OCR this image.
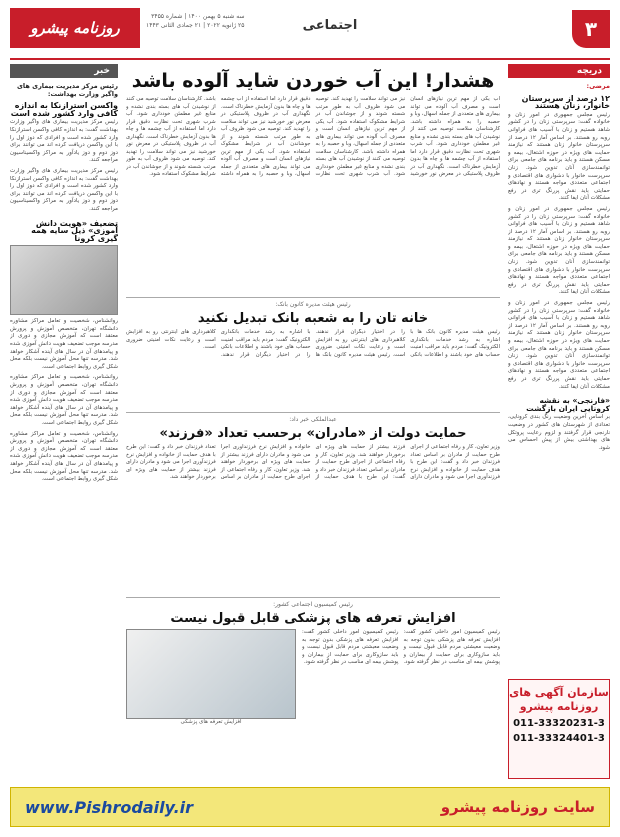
۳
اجتماعی
روزنامه پیشرو
سه شنبه ۵ بهمن ۱۴۰۰ | شماره ۳۴۵۵
۲۵ ژانویه ۲۰۲۲ | ۲۱ جمادی الثانی ۱۴۴۳
دریچه
خبر
مرضی:
۱۲ درصد از سرپرستان خانوار، زنان هستند
رئیس مجلس جمهوری در امور زنان و خانواده گفت: سرپرستی زنان را در کشور شاهد هستیم و زنان با آسیب های فراوانی روبه رو هستند. بر اساس آمار ۱۲ درصد از سرپرستان خانوار زنان هستند که نیازمند حمایت های ویژه در حوزه اشتغال، بیمه و مسکن هستند و باید برنامه های جامعی برای توانمندسازی آنان تدوین شود. زنان سرپرست خانوار با دشواری های اقتصادی و اجتماعی متعددی مواجه هستند و نهادهای حمایتی باید نقش پررنگ تری در رفع مشکلات آنان ایفا کنند.
رئیس مجلس جمهوری در امور زنان و خانواده گفت: سرپرستی زنان را در کشور شاهد هستیم و زنان با آسیب های فراوانی روبه رو هستند. بر اساس آمار ۱۲ درصد از سرپرستان خانوار زنان هستند که نیازمند حمایت های ویژه در حوزه اشتغال، بیمه و مسکن هستند و باید برنامه های جامعی برای توانمندسازی آنان تدوین شود. زنان سرپرست خانوار با دشواری های اقتصادی و اجتماعی متعددی مواجه هستند و نهادهای حمایتی باید نقش پررنگ تری در رفع مشکلات آنان ایفا کنند.
رئیس مجلس جمهوری در امور زنان و خانواده گفت: سرپرستی زنان را در کشور شاهد هستیم و زنان با آسیب های فراوانی روبه رو هستند. بر اساس آمار ۱۲ درصد از سرپرستان خانوار زنان هستند که نیازمند حمایت های ویژه در حوزه اشتغال، بیمه و مسکن هستند و باید برنامه های جامعی برای توانمندسازی آنان تدوین شود. زنان سرپرست خانوار با دشواری های اقتصادی و اجتماعی متعددی مواجه هستند و نهادهای حمایتی باید نقش پررنگ تری در رفع مشکلات آنان ایفا کنند.
«فارنجی» به نقشه کرونایی ایران بازگشت
بر اساس آخرین وضعیت رنگ بندی کرونایی، تعدادی از شهرستان های کشور در وضعیت نارنجی قرار گرفتند و لزوم رعایت پروتکل های بهداشتی بیش از پیش احساس می شود.
سازمان آگهی های روزنامه پیشرو
011-33320231-3
011-33324401-3
رئیس مرکز مدیریت بیماری های واگیر وزارت بهداشت:
واکسن استرازنکا به اندازه کافی وارد کشور شده است
رئیس مرکز مدیریت بیماری های واگیر وزارت بهداشت گفت: به اندازه کافی واکسن استرازنکا وارد کشور شده است و افرادی که دوز اول را با این واکسن دریافت کرده اند می توانند برای دوز دوم و دوز یادآور به مراکز واکسیناسیون مراجعه کنند.
رئیس مرکز مدیریت بیماری های واگیر وزارت بهداشت گفت: به اندازه کافی واکسن استرازنکا وارد کشور شده است و افرادی که دوز اول را با این واکسن دریافت کرده اند می توانند برای دوز دوم و دوز یادآور به مراکز واکسیناسیون مراجعه کنند.
تضعیف «هویت دانش آموزی» ذیل سایه همه گیری کرونا
روانشناس، شخصیت و تعامل مراکز مشاوره دانشگاه تهران، متخصص آموزش و پرورش معتقد است که آموزش مجازی و دوری از مدرسه موجب تضعیف هویت دانش آموزی شده و پیامدهای آن در سال های آینده آشکار خواهد شد. مدرسه تنها محل آموزش نیست بلکه محل شکل گیری روابط اجتماعی است.
روانشناس، شخصیت و تعامل مراکز مشاوره دانشگاه تهران، متخصص آموزش و پرورش معتقد است که آموزش مجازی و دوری از مدرسه موجب تضعیف هویت دانش آموزی شده و پیامدهای آن در سال های آینده آشکار خواهد شد. مدرسه تنها محل آموزش نیست بلکه محل شکل گیری روابط اجتماعی است.
روانشناس، شخصیت و تعامل مراکز مشاوره دانشگاه تهران، متخصص آموزش و پرورش معتقد است که آموزش مجازی و دوری از مدرسه موجب تضعیف هویت دانش آموزی شده و پیامدهای آن در سال های آینده آشکار خواهد شد. مدرسه تنها محل آموزش نیست بلکه محل شکل گیری روابط اجتماعی است.
هشدار! این آب خوردن شاید آلوده باشد
آب یکی از مهم ترین نیازهای انسان است و مصرف آب آلوده می تواند بیماری های متعددی از جمله اسهال، وبا و حصبه را به همراه داشته باشد. کارشناسان سلامت توصیه می کنند از نوشیدن آب های بسته بندی نشده و منابع غیر مطمئن خودداری شود. آب شرب شهری تحت نظارت دقیق قرار دارد اما استفاده از آب چشمه ها و چاه ها بدون آزمایش خطرناک است. نگهداری آب در ظروف پلاستیکی در معرض نور خورشید نیز می تواند سلامت را تهدید کند. توصیه می شود ظروف آب به طور مرتب شسته شوند و از جوشاندن آب در شرایط مشکوک استفاده شود. آب یکی از مهم ترین نیازهای انسان است و مصرف آب آلوده می تواند بیماری های متعددی از جمله اسهال، وبا و حصبه را به همراه داشته باشد. کارشناسان سلامت توصیه می کنند از نوشیدن آب های بسته بندی نشده و منابع غیر مطمئن خودداری شود. آب شرب شهری تحت نظارت دقیق قرار دارد اما استفاده از آب چشمه ها و چاه ها بدون آزمایش خطرناک است. نگهداری آب در ظروف پلاستیکی در معرض نور خورشید نیز می تواند سلامت را تهدید کند. توصیه می شود ظروف آب به طور مرتب شسته شوند و از جوشاندن آب در شرایط مشکوک استفاده شود. آب یکی از مهم ترین نیازهای انسان است و مصرف آب آلوده می تواند بیماری های متعددی از جمله اسهال، وبا و حصبه را به همراه داشته باشد. کارشناسان سلامت توصیه می کنند از نوشیدن آب های بسته بندی نشده و منابع غیر مطمئن خودداری شود. آب شرب شهری تحت نظارت دقیق قرار دارد اما استفاده از آب چشمه ها و چاه ها بدون آزمایش خطرناک است. نگهداری آب در ظروف پلاستیکی در معرض نور خورشید نیز می تواند سلامت را تهدید کند. توصیه می شود ظروف آب به طور مرتب شسته شوند و از جوشاندن آب در شرایط مشکوک استفاده شود.
رئیس هیئت مدیره کانون بانک:
خانه تان را به شعبه بانک تبدیل نکنید
رئیس هیئت مدیره کانون بانک ها با اشاره به رشد خدمات بانکداری الکترونیک گفت: مردم باید مراقب امنیت حساب های خود باشند و اطلاعات بانکی را در اختیار دیگران قرار ندهند. کلاهبرداری های اینترنتی رو به افزایش است و رعایت نکات امنیتی ضروری است. رئیس هیئت مدیره کانون بانک ها با اشاره به رشد خدمات بانکداری الکترونیک گفت: مردم باید مراقب امنیت حساب های خود باشند و اطلاعات بانکی را در اختیار دیگران قرار ندهند. کلاهبرداری های اینترنتی رو به افزایش است و رعایت نکات امنیتی ضروری است.
عبدالملکی خبر داد:
حمایت دولت از «مادران» برحسب تعداد «فرزند»
وزیر تعاون، کار و رفاه اجتماعی از اجرای طرح حمایت از مادران بر اساس تعداد فرزندان خبر داد و گفت: این طرح با هدف حمایت از خانواده و افزایش نرخ فرزندآوری اجرا می شود و مادران دارای فرزند بیشتر از حمایت های ویژه ای برخوردار خواهند شد. وزیر تعاون، کار و رفاه اجتماعی از اجرای طرح حمایت از مادران بر اساس تعداد فرزندان خبر داد و گفت: این طرح با هدف حمایت از خانواده و افزایش نرخ فرزندآوری اجرا می شود و مادران دارای فرزند بیشتر از حمایت های ویژه ای برخوردار خواهند شد. وزیر تعاون، کار و رفاه اجتماعی از اجرای طرح حمایت از مادران بر اساس تعداد فرزندان خبر داد و گفت: این طرح با هدف حمایت از خانواده و افزایش نرخ فرزندآوری اجرا می شود و مادران دارای فرزند بیشتر از حمایت های ویژه ای برخوردار خواهند شد.
رئیس کمیسیون اجتماعی کشور:
افزایش تعرفه های پزشکی قابل قبول نیست
رئیس کمیسیون امور داخلی کشور گفت: افزایش تعرفه های پزشکی بدون توجه به وضعیت معیشتی مردم قابل قبول نیست و باید سازوکاری برای حمایت از بیماران و پوشش بیمه ای مناسب در نظر گرفته شود. رئیس کمیسیون امور داخلی کشور گفت: افزایش تعرفه های پزشکی بدون توجه به وضعیت معیشتی مردم قابل قبول نیست و باید سازوکاری برای حمایت از بیماران و پوشش بیمه ای مناسب در نظر گرفته شود.
افزایش تعرفه های پزشکی
سایت روزنامه پیشرو
www.Pishrodaily.ir
